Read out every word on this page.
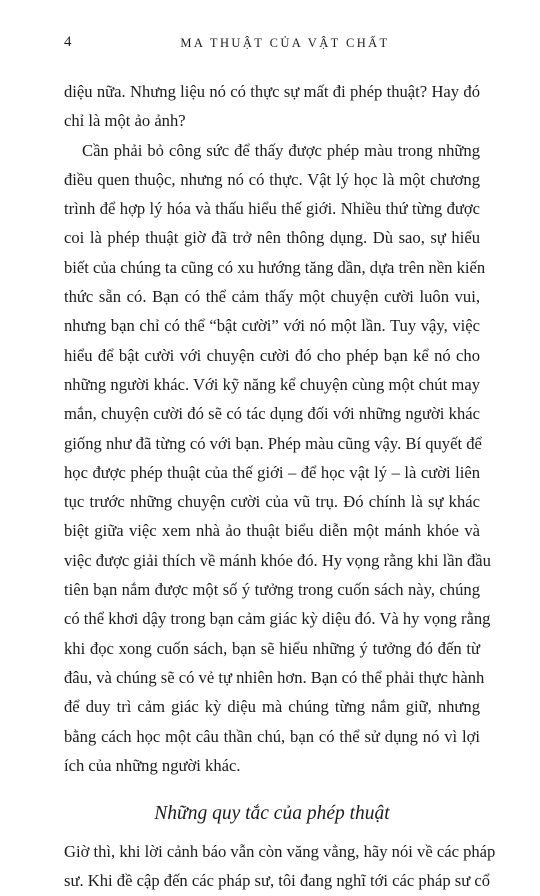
4	MA THUẬT CỦA VẬT CHẤT
diệu nữa. Nhưng liệu nó có thực sự mất đi phép thuật? Hay đó
chỉ là một ảo ảnh?
Cần phải bỏ công sức để thấy được phép màu trong những
điều quen thuộc, nhưng nó có thực. Vật lý học là một chương
trình để hợp lý hóa và thấu hiểu thế giới. Nhiều thứ từng được
coi là phép thuật giờ đã trở nên thông dụng. Dù sao, sự hiểu
biết của chúng ta cũng có xu hướng tăng dần, dựa trên nền kiến
thức sẵn có. Bạn có thể cảm thấy một chuyện cười luôn vui,
nhưng bạn chỉ có thể “bật cười” với nó một lần. Tuy vậy, việc
hiểu để bật cười với chuyện cười đó cho phép bạn kể nó cho
những người khác. Với kỹ năng kể chuyện cùng một chút may
mắn, chuyện cười đó sẽ có tác dụng đối với những người khác
giống như đã từng có với bạn. Phép màu cũng vậy. Bí quyết để
học được phép thuật của thế giới – để học vật lý – là cười liên
tục trước những chuyện cười của vũ trụ. Đó chính là sự khác
biệt giữa việc xem nhà ảo thuật biểu diễn một mánh khóe và
việc được giải thích về mánh khóe đó. Hy vọng rằng khi lần đầu
tiên bạn nắm được một số ý tưởng trong cuốn sách này, chúng
có thể khơi dậy trong bạn cảm giác kỳ diệu đó. Và hy vọng rằng
khi đọc xong cuốn sách, bạn sẽ hiểu những ý tưởng đó đến từ
đâu, và chúng sẽ có vẻ tự nhiên hơn. Bạn có thể phải thực hành
để duy trì cảm giác kỳ diệu mà chúng từng nắm giữ, nhưng
bằng cách học một câu thần chú, bạn có thể sử dụng nó vì lợi
ích của những người khác.
Những quy tắc của phép thuật
Giờ thì, khi lời cảnh báo vẫn còn văng vẳng, hãy nói về các pháp
sư. Khi đề cập đến các pháp sư, tôi đang nghĩ tới các pháp sư cổ
